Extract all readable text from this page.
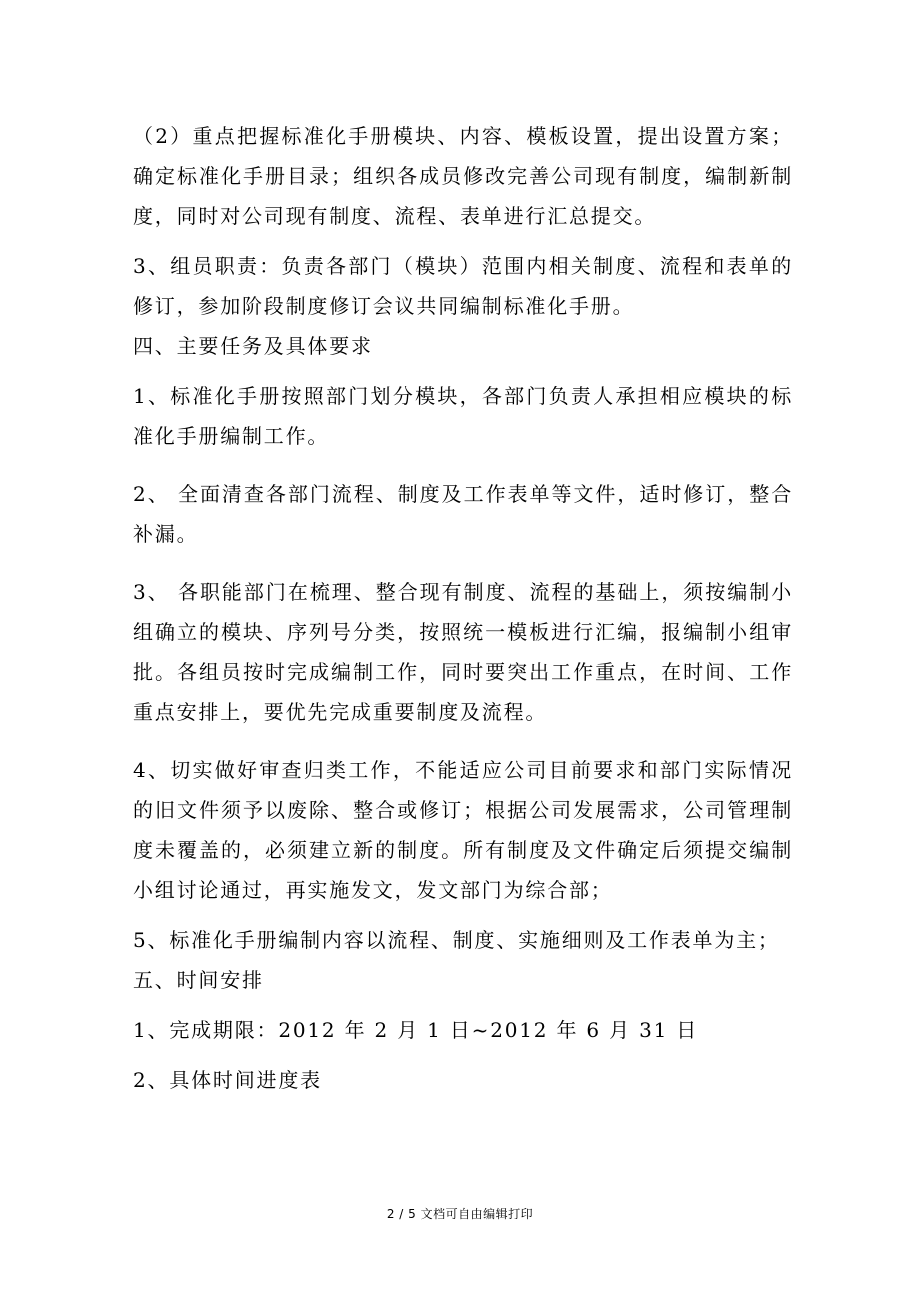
（2）重点把握标准化手册模块、内容、模板设置，提出设置方案；确定标准化手册目录；组织各成员修改完善公司现有制度，编制新制度，同时对公司现有制度、流程、表单进行汇总提交。

3、组员职责：负责各部门（模块）范围内相关制度、流程和表单的修订，参加阶段制度修订会议共同编制标准化手册。

四、主要任务及具体要求

1、标准化手册按照部门划分模块，各部门负责人承担相应模块的标准化手册编制工作。

2、 全面清查各部门流程、制度及工作表单等文件，适时修订，整合补漏。

3、 各职能部门在梳理、整合现有制度、流程的基础上，须按编制小组确立的模块、序列号分类，按照统一模板进行汇编，报编制小组审批。各组员按时完成编制工作，同时要突出工作重点，在时间、工作重点安排上，要优先完成重要制度及流程。

4、切实做好审查归类工作，不能适应公司目前要求和部门实际情况的旧文件须予以废除、整合或修订；根据公司发展需求，公司管理制度未覆盖的，必须建立新的制度。所有制度及文件确定后须提交编制小组讨论通过，再实施发文，发文部门为综合部；

5、标准化手册编制内容以流程、制度、实施细则及工作表单为主；

五、时间安排

1、完成期限：2012 年 2 月 1 日~2012 年 6 月 31 日

2、具体时间进度表

2 / 5 文档可自由编辑打印
